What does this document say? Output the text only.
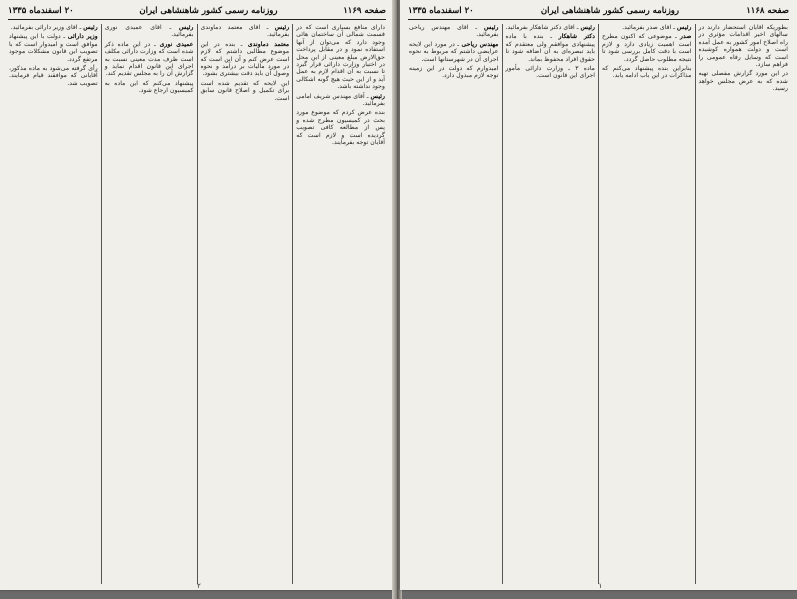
صفحه ۱۱۶۹
روزنامه رسمی کشور شاهنشاهی ایران
۲۰ اسفندماه ۱۳۳۵

دارای منافع بسیاری است که در قسمت شمالی آن ساختمان هائی وجود دارد که می‌توان از آنها استفاده نمود و در مقابل پرداخت حق‌الارض مبلغ معینی از این محل در اختیار وزارت دارائی قرار گیرد تا نسبت به آن اقدام لازم به عمل آید و از این حیث هیچ گونه اشکالی وجود نداشته باشد.

رئیس ـ آقای مهندس شریف امامی بفرمائید.

بنده عرض کردم که موضوع مورد بحث در کمیسیون مطرح شده و پس از مطالعه کافی تصویب گردیده است و لازم است که آقایان توجه بفرمایند.

رئیس ـ آقای معتمد دماوندی بفرمائید.

معتمد دماوندی ـ بنده در این موضوع مطالبی داشتم که لازم است عرض کنم و آن این است که در مورد مالیات بر درآمد و نحوه وصول آن باید دقت بیشتری بشود.

این لایحه که تقدیم شده است برای تکمیل و اصلاح قانون سابق است.

رئیس ـ آقای عمیدی نوری بفرمائید.

عمیدی نوری ـ در این ماده ذکر شده است که وزارت دارائی مکلف است ظرف مدت معینی نسبت به اجرای این قانون اقدام نماید و گزارش آن را به مجلس تقدیم کند.

پیشنهاد می‌کنم که این ماده به کمیسیون ارجاع شود.

رئیس ـ آقای وزیر دارائی بفرمائید.

وزیر دارائی ـ دولت با این پیشنهاد موافق است و امیدوار است که با تصویب این قانون مشکلات موجود مرتفع گردد.

رأی گرفته می‌شود به ماده مذکور، آقایانی که موافقند قیام فرمایند. تصویب شد.

۲
صفحه ۱۱۶۸
روزنامه رسمی کشور شاهنشاهی ایران
۲۰ اسفندماه ۱۳۳۵

بطوریکه آقایان استحضار دارند در سالهای اخیر اقدامات مؤثری در راه اصلاح امور کشور به عمل آمده است و دولت همواره کوشیده است که وسایل رفاه عمومی را فراهم سازد.

در این مورد گزارش مفصلی تهیه شده که به عرض مجلس خواهد رسید.

رئیس ـ آقای صدر بفرمائید.

صدر ـ موضوعی که اکنون مطرح است اهمیت زیادی دارد و لازم است با دقت کامل بررسی شود تا نتیجه مطلوب حاصل گردد.

بنابراین بنده پیشنهاد می‌کنم که مذاکرات در این باب ادامه یابد.

رئیس ـ آقای دکتر شاهکار بفرمائید.

دکتر شاهکار ـ بنده با ماده پیشنهادی موافقم ولی معتقدم که باید تبصره‌ای به آن اضافه شود تا حقوق افراد محفوظ بماند.

ماده ۳ ـ وزارت دارائی مأمور اجرای این قانون است.

رئیس ـ آقای مهندس ریاحی بفرمائید.

مهندس ریاحی ـ در مورد این لایحه عرایضی داشتم که مربوط به نحوه اجرای آن در شهرستانها است.

امیدوارم که دولت در این زمینه توجه لازم مبذول دارد.

۱
